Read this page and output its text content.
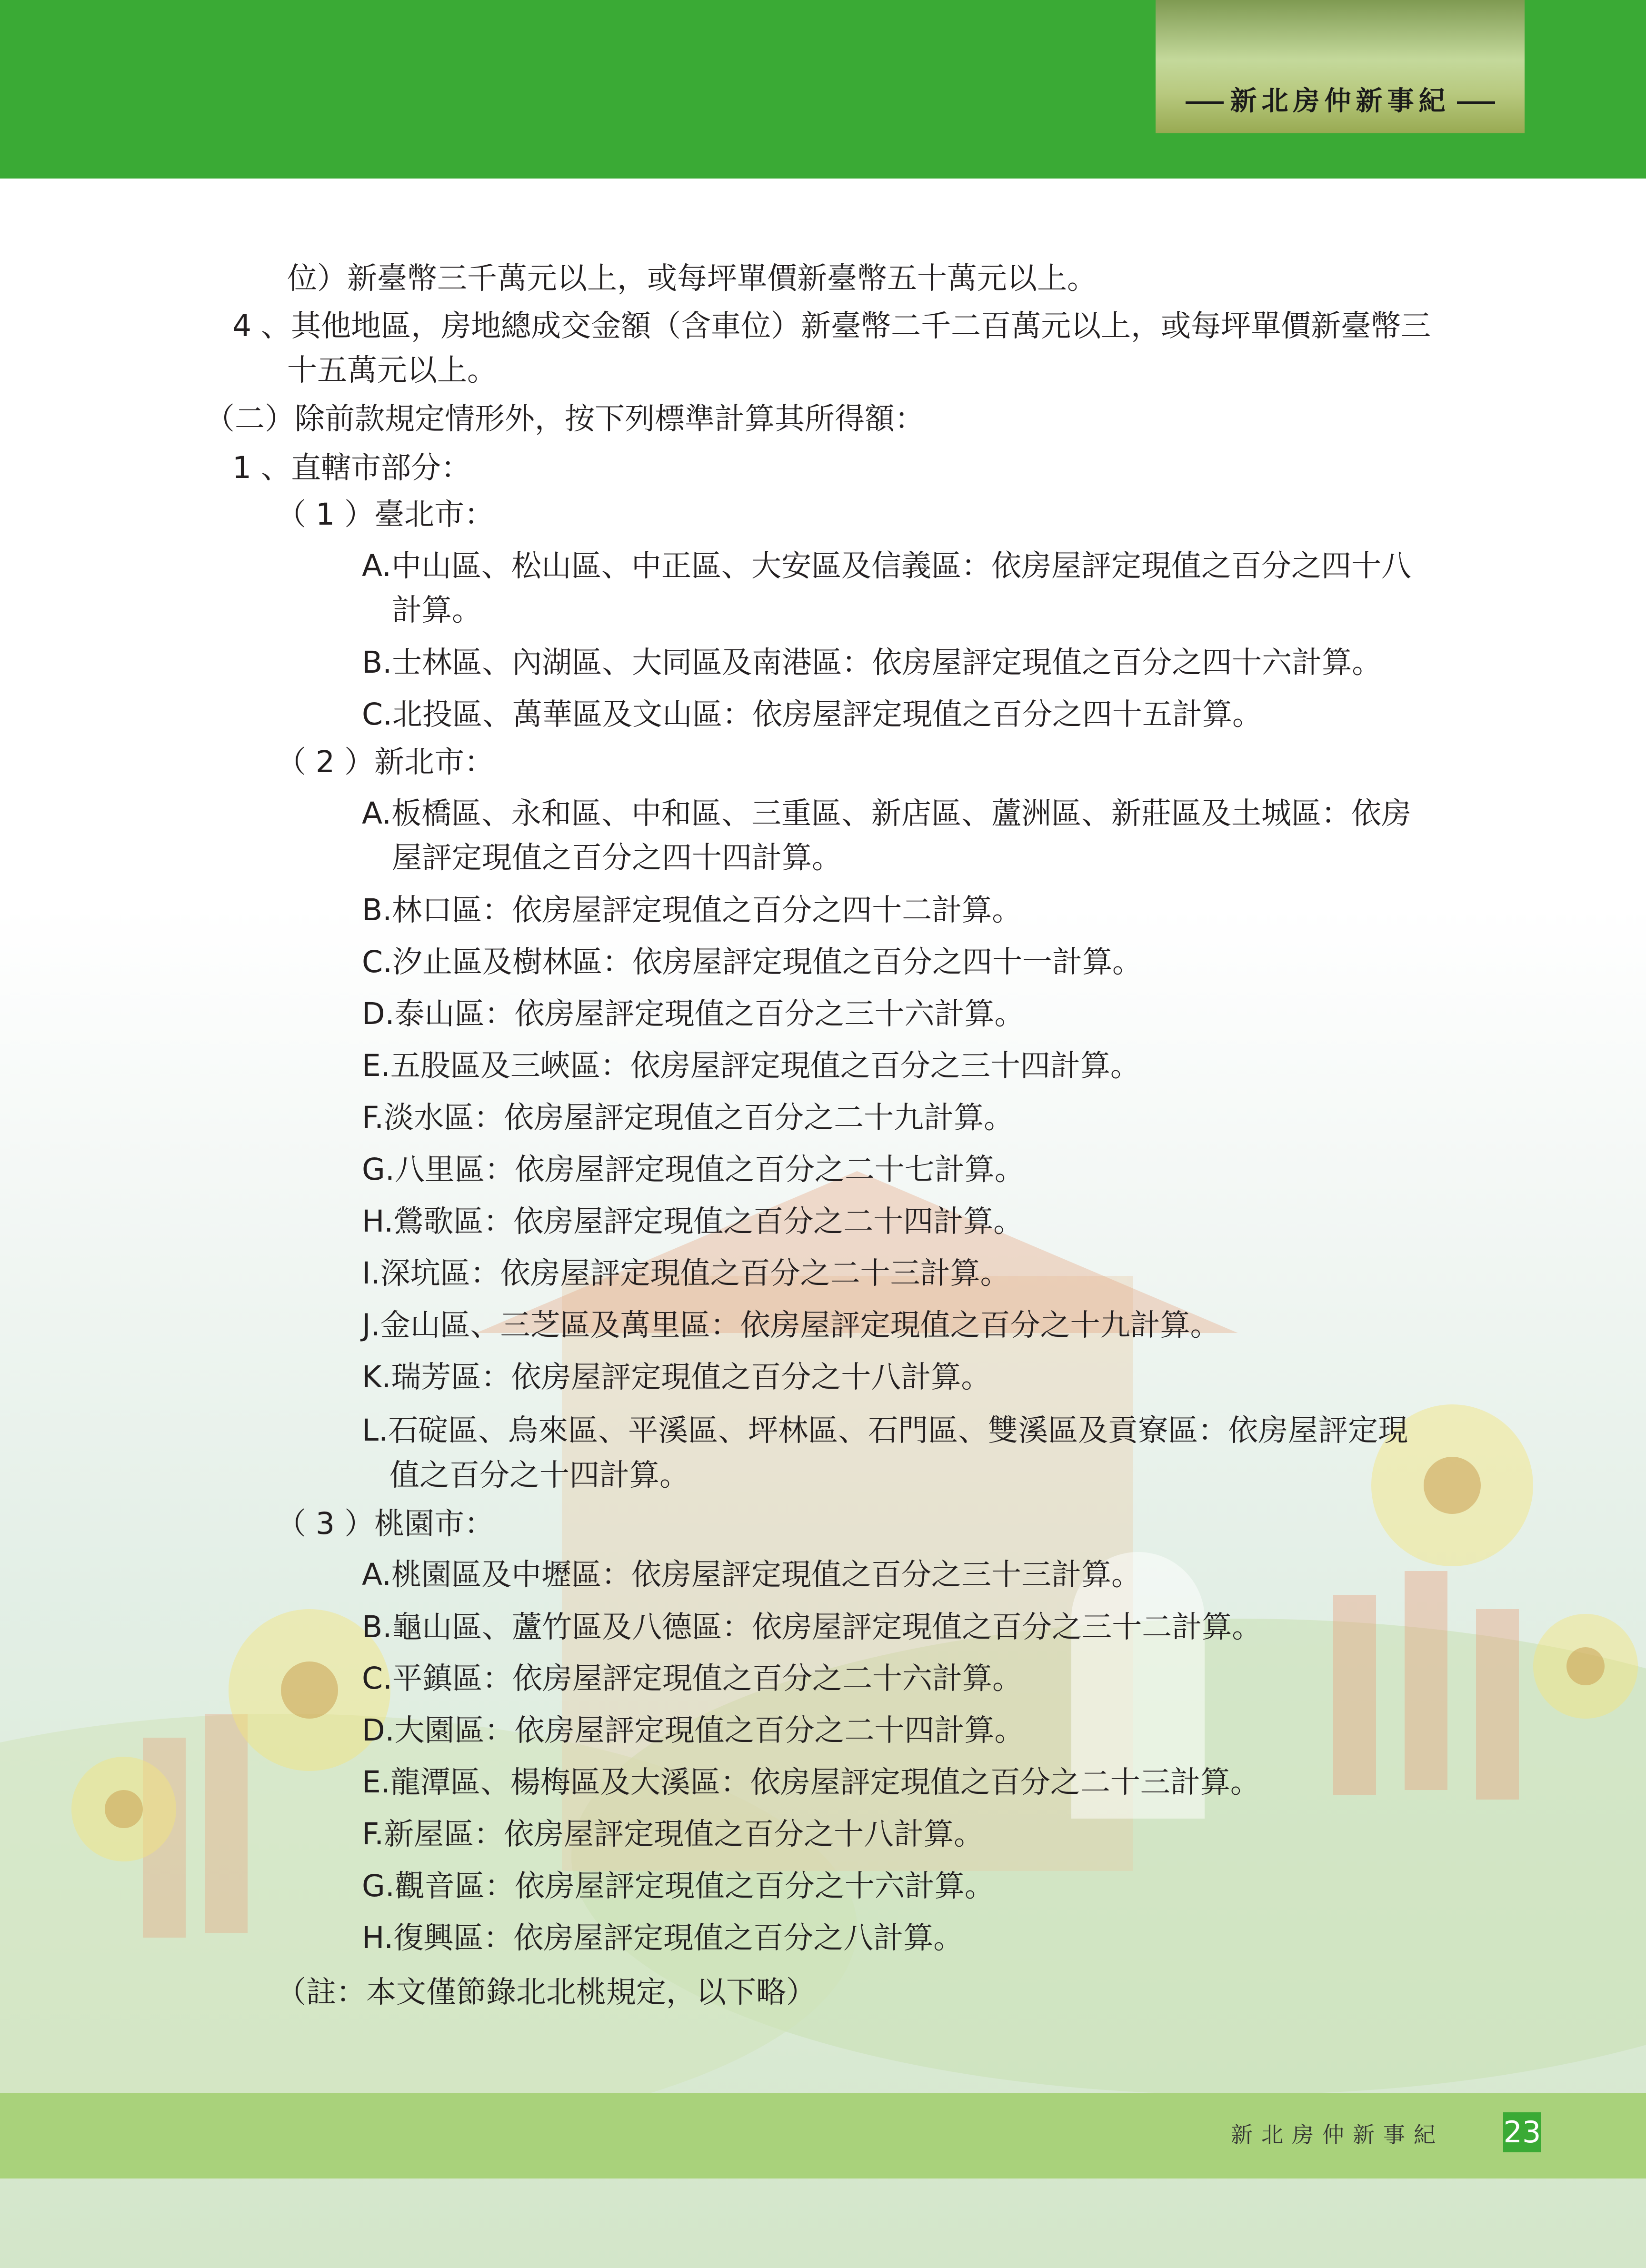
新北房仲新事紀
位）新臺幣三千萬元以上，或每坪單價新臺幣五十萬元以上。
4 、其他地區，房地總成交金額（含車位）新臺幣二千二百萬元以上，或每坪單價新臺幣三
十五萬元以上。
（二）除前款規定情形外，按下列標準計算其所得額：
1 、直轄市部分：
（ 1 ）臺北市：
A.中山區、松山區、中正區、大安區及信義區：依房屋評定現值之百分之四十八
計算。
B.士林區、內湖區、大同區及南港區：依房屋評定現值之百分之四十六計算。
C.北投區、萬華區及文山區：依房屋評定現值之百分之四十五計算。
（ 2 ）新北市：
A.板橋區、永和區、中和區、三重區、新店區、蘆洲區、新莊區及土城區：依房
屋評定現值之百分之四十四計算。
B.林口區：依房屋評定現值之百分之四十二計算。
C.汐止區及樹林區：依房屋評定現值之百分之四十一計算。
D.泰山區：依房屋評定現值之百分之三十六計算。
E.五股區及三峽區：依房屋評定現值之百分之三十四計算。
F.淡水區：依房屋評定現值之百分之二十九計算。
G.八里區：依房屋評定現值之百分之二十七計算。
H.鶯歌區：依房屋評定現值之百分之二十四計算。
I.深坑區：依房屋評定現值之百分之二十三計算。
J.金山區、三芝區及萬里區：依房屋評定現值之百分之十九計算。
K.瑞芳區：依房屋評定現值之百分之十八計算。
L.石碇區、烏來區、平溪區、坪林區、石門區、雙溪區及貢寮區：依房屋評定現
值之百分之十四計算。
（ 3 ）桃園市：
A.桃園區及中壢區：依房屋評定現值之百分之三十三計算。
B.龜山區、蘆竹區及八德區：依房屋評定現值之百分之三十二計算。
C.平鎮區：依房屋評定現值之百分之二十六計算。
D.大園區：依房屋評定現值之百分之二十四計算。
E.龍潭區、楊梅區及大溪區：依房屋評定現值之百分之二十三計算。
F.新屋區：依房屋評定現值之百分之十八計算。
G.觀音區：依房屋評定現值之百分之十六計算。
H.復興區：依房屋評定現值之百分之八計算。
（註：本文僅節錄北北桃規定，以下略）
新北房仲新事紀 23
